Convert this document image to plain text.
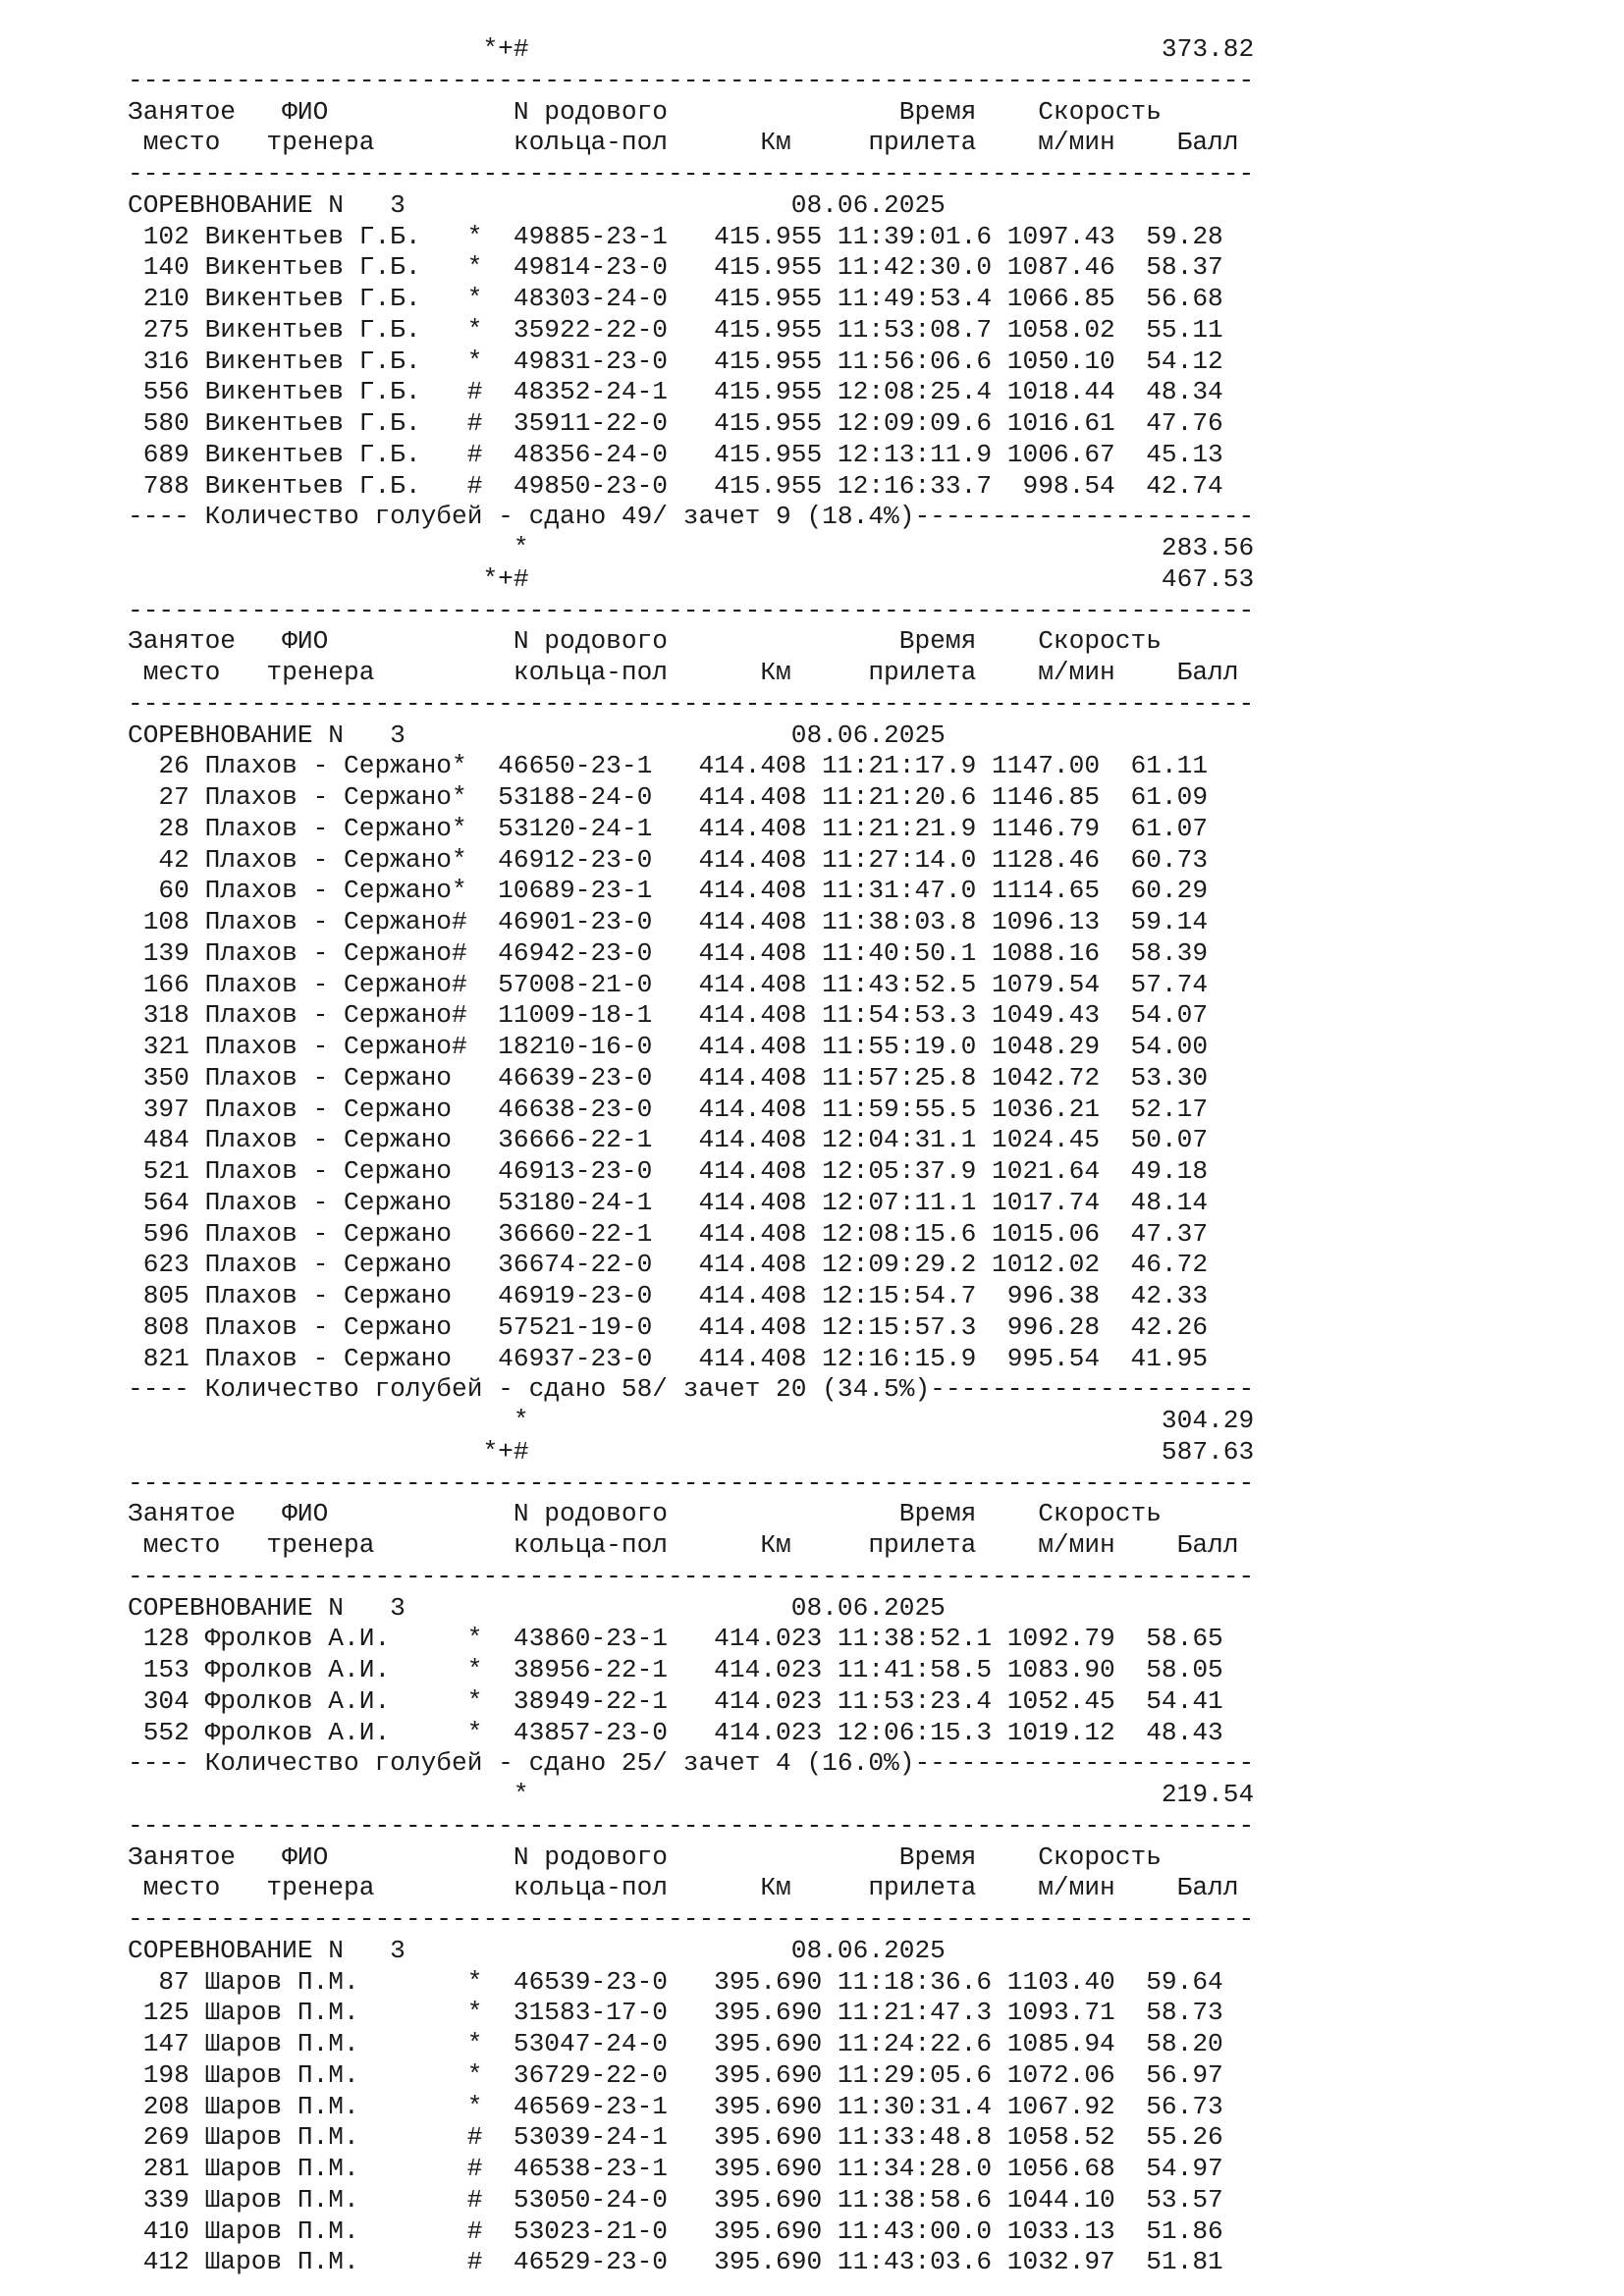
*+#                                         373.82
-------------------------------------------------------------------------
Занятое   ФИО            N родового               Время    Скорость
место   тренера         кольца-пол      Км     прилета    м/мин    Балл
-------------------------------------------------------------------------
СОРЕВНОВАНИЕ N   3                         08.06.2025
102 Викентьев Г.Б.   *  49885-23-1   415.955 11:39:01.6 1097.43  59.28
140 Викентьев Г.Б.   *  49814-23-0   415.955 11:42:30.0 1087.46  58.37
210 Викентьев Г.Б.   *  48303-24-0   415.955 11:49:53.4 1066.85  56.68
275 Викентьев Г.Б.   *  35922-22-0   415.955 11:53:08.7 1058.02  55.11
316 Викентьев Г.Б.   *  49831-23-0   415.955 11:56:06.6 1050.10  54.12
556 Викентьев Г.Б.   #  48352-24-1   415.955 12:08:25.4 1018.44  48.34
580 Викентьев Г.Б.   #  35911-22-0   415.955 12:09:09.6 1016.61  47.76
689 Викентьев Г.Б.   #  48356-24-0   415.955 12:13:11.9 1006.67  45.13
788 Викентьев Г.Б.   #  49850-23-0   415.955 12:16:33.7  998.54  42.74
---- Количество голубей - сдано 49/ зачет 9 (18.4%)----------------------
*                                         283.56
*+#                                         467.53
-------------------------------------------------------------------------
Занятое   ФИО            N родового               Время    Скорость
место   тренера         кольца-пол      Км     прилета    м/мин    Балл
-------------------------------------------------------------------------
СОРЕВНОВАНИЕ N   3                         08.06.2025
26 Плахов - Сержано*  46650-23-1   414.408 11:21:17.9 1147.00  61.11
27 Плахов - Сержано*  53188-24-0   414.408 11:21:20.6 1146.85  61.09
28 Плахов - Сержано*  53120-24-1   414.408 11:21:21.9 1146.79  61.07
42 Плахов - Сержано*  46912-23-0   414.408 11:27:14.0 1128.46  60.73
60 Плахов - Сержано*  10689-23-1   414.408 11:31:47.0 1114.65  60.29
108 Плахов - Сержано#  46901-23-0   414.408 11:38:03.8 1096.13  59.14
139 Плахов - Сержано#  46942-23-0   414.408 11:40:50.1 1088.16  58.39
166 Плахов - Сержано#  57008-21-0   414.408 11:43:52.5 1079.54  57.74
318 Плахов - Сержано#  11009-18-1   414.408 11:54:53.3 1049.43  54.07
321 Плахов - Сержано#  18210-16-0   414.408 11:55:19.0 1048.29  54.00
350 Плахов - Сержано   46639-23-0   414.408 11:57:25.8 1042.72  53.30
397 Плахов - Сержано   46638-23-0   414.408 11:59:55.5 1036.21  52.17
484 Плахов - Сержано   36666-22-1   414.408 12:04:31.1 1024.45  50.07
521 Плахов - Сержано   46913-23-0   414.408 12:05:37.9 1021.64  49.18
564 Плахов - Сержано   53180-24-1   414.408 12:07:11.1 1017.74  48.14
596 Плахов - Сержано   36660-22-1   414.408 12:08:15.6 1015.06  47.37
623 Плахов - Сержано   36674-22-0   414.408 12:09:29.2 1012.02  46.72
805 Плахов - Сержано   46919-23-0   414.408 12:15:54.7  996.38  42.33
808 Плахов - Сержано   57521-19-0   414.408 12:15:57.3  996.28  42.26
821 Плахов - Сержано   46937-23-0   414.408 12:16:15.9  995.54  41.95
---- Количество голубей - сдано 58/ зачет 20 (34.5%)---------------------
*                                         304.29
*+#                                         587.63
-------------------------------------------------------------------------
Занятое   ФИО            N родового               Время    Скорость
место   тренера         кольца-пол      Км     прилета    м/мин    Балл
-------------------------------------------------------------------------
СОРЕВНОВАНИЕ N   3                         08.06.2025
128 Фролков А.И.     *  43860-23-1   414.023 11:38:52.1 1092.79  58.65
153 Фролков А.И.     *  38956-22-1   414.023 11:41:58.5 1083.90  58.05
304 Фролков А.И.     *  38949-22-1   414.023 11:53:23.4 1052.45  54.41
552 Фролков А.И.     *  43857-23-0   414.023 12:06:15.3 1019.12  48.43
---- Количество голубей - сдано 25/ зачет 4 (16.0%)----------------------
*                                         219.54
-------------------------------------------------------------------------
Занятое   ФИО            N родового               Время    Скорость
место   тренера         кольца-пол      Км     прилета    м/мин    Балл
-------------------------------------------------------------------------
СОРЕВНОВАНИЕ N   3                         08.06.2025
87 Шаров П.М.       *  46539-23-0   395.690 11:18:36.6 1103.40  59.64
125 Шаров П.М.       *  31583-17-0   395.690 11:21:47.3 1093.71  58.73
147 Шаров П.М.       *  53047-24-0   395.690 11:24:22.6 1085.94  58.20
198 Шаров П.М.       *  36729-22-0   395.690 11:29:05.6 1072.06  56.97
208 Шаров П.М.       *  46569-23-1   395.690 11:30:31.4 1067.92  56.73
269 Шаров П.М.       #  53039-24-1   395.690 11:33:48.8 1058.52  55.26
281 Шаров П.М.       #  46538-23-1   395.690 11:34:28.0 1056.68  54.97
339 Шаров П.М.       #  53050-24-0   395.690 11:38:58.6 1044.10  53.57
410 Шаров П.М.       #  53023-21-0   395.690 11:43:00.0 1033.13  51.86
412 Шаров П.М.       #  46529-23-0   395.690 11:43:03.6 1032.97  51.81
